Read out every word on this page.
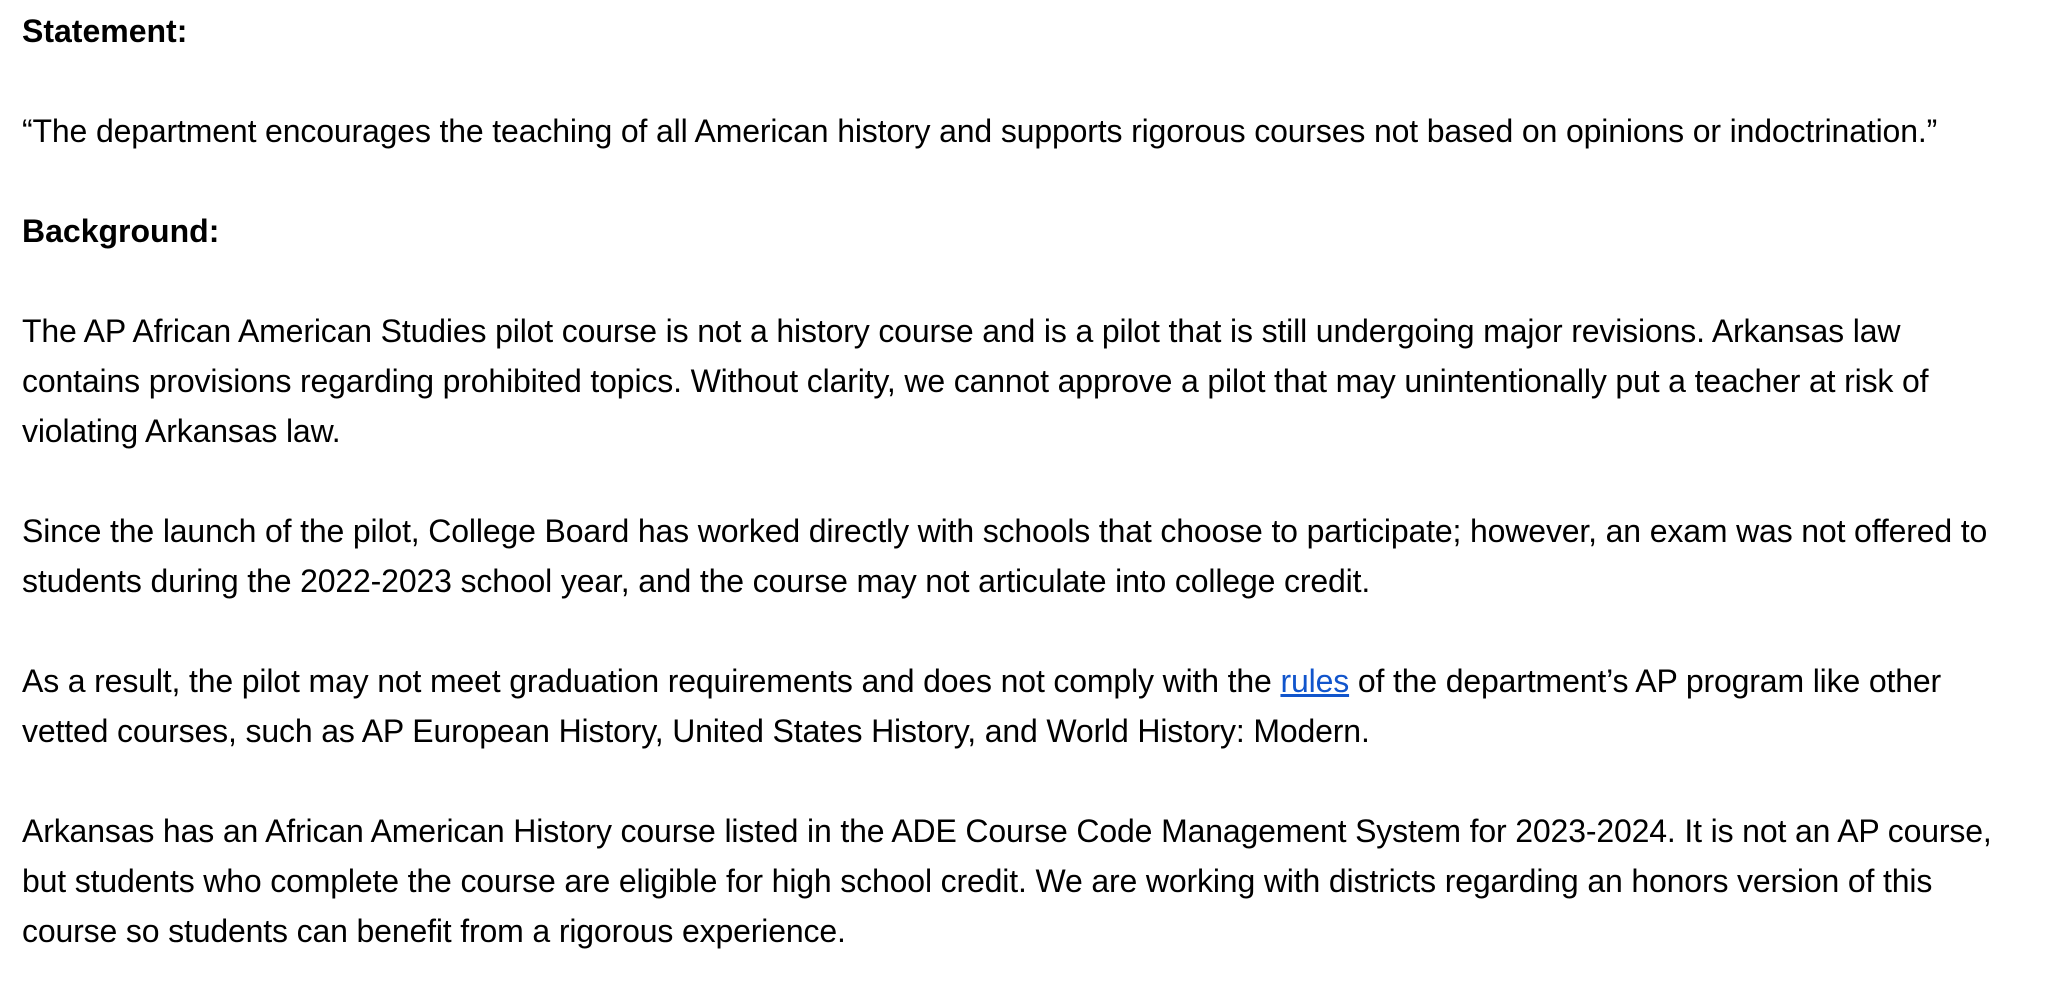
Statement:

“The department encourages the teaching of all American history and supports rigorous courses not based on opinions or indoctrination.”

Background:

The AP African American Studies pilot course is not a history course and is a pilot that is still undergoing major revisions. Arkansas law contains provisions regarding prohibited topics. Without clarity, we cannot approve a pilot that may unintentionally put a teacher at risk of violating Arkansas law.

Since the launch of the pilot, College Board has worked directly with schools that choose to participate; however, an exam was not offered to students during the 2022-2023 school year, and the course may not articulate into college credit.

As a result, the pilot may not meet graduation requirements and does not comply with the rules of the department’s AP program like other vetted courses, such as AP European History, United States History, and World History: Modern.

Arkansas has an African American History course listed in the ADE Course Code Management System for 2023-2024. It is not an AP course, but students who complete the course are eligible for high school credit. We are working with districts regarding an honors version of this course so students can benefit from a rigorous experience.
